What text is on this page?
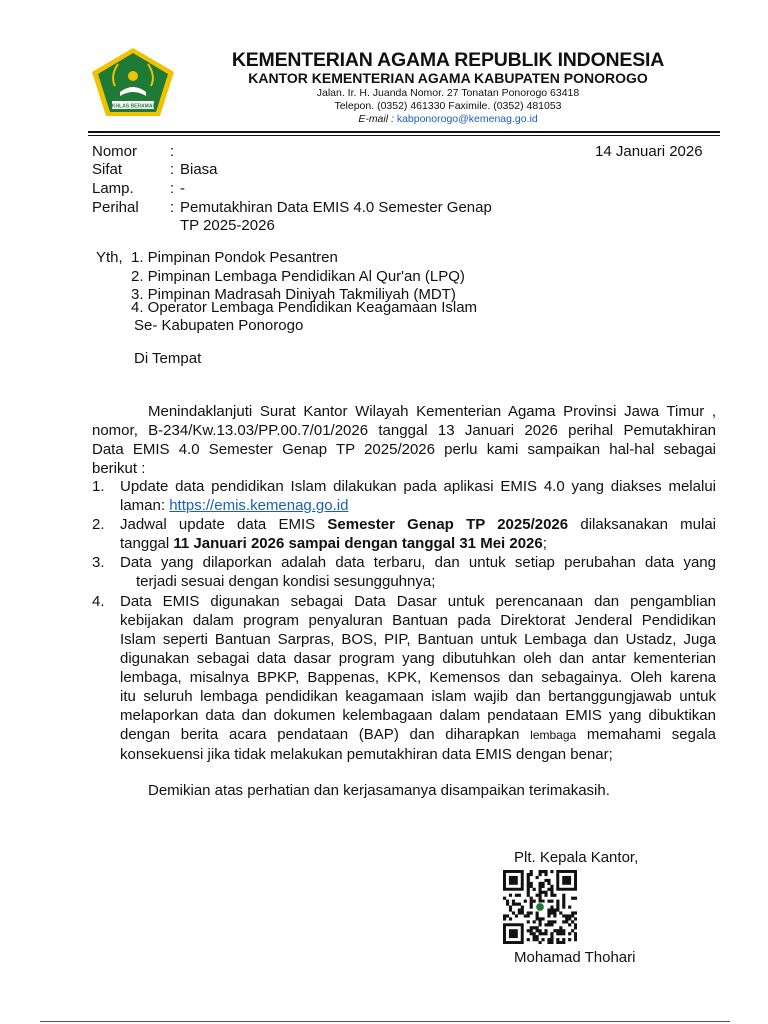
IKHLAS BERAMAL
KEMENTERIAN AGAMA REPUBLIK INDONESIA
KANTOR KEMENTERIAN AGAMA KABUPATEN PONOROGO
Jalan. Ir. H. Juanda Nomor. 27 Tonatan Ponorogo 63418
Telepon. (0352) 461330 Faximile. (0352) 481053
E-mail : kabponorogo@kemenag.go.id
Nomor	:	14 Januari 2026
Sifat	: Biasa
Lamp.	: -
Perihal	: Pemutakhiran Data EMIS 4.0 Semester Genap
TP 2025-2026
Yth, 1. Pimpinan Pondok Pesantren
2. Pimpinan Lembaga Pendidikan Al Qur'an (LPQ)
3. Pimpinan Madrasah Diniyah Takmiliyah (MDT)
4. Operator Lembaga Pendidikan Keagamaan Islam
Se- Kabupaten Ponorogo
Di Tempat
Menindaklanjuti Surat Kantor Wilayah Kementerian Agama Provinsi Jawa Timur ,
nomor, B-234/Kw.13.03/PP.00.7/01/2026 tanggal 13 Januari 2026 perihal Pemutakhiran
Data EMIS 4.0 Semester Genap TP 2025/2026 perlu kami sampaikan hal-hal sebagai
berikut :
1. Update data pendidikan Islam dilakukan pada aplikasi EMIS 4.0 yang diakses melalui
laman: https://emis.kemenag.go.id
2. Jadwal update data EMIS Semester Genap TP 2025/2026 dilaksanakan mulai
tanggal 11 Januari 2026 sampai dengan tanggal 31 Mei 2026;
3. Data yang dilaporkan adalah data terbaru, dan untuk setiap perubahan data yang
terjadi sesuai dengan kondisi sesungguhnya;
4. Data EMIS digunakan sebagai Data Dasar untuk perencanaan dan pengamblian
kebijakan dalam program penyaluran Bantuan pada Direktorat Jenderal Pendidikan
Islam seperti Bantuan Sarpras, BOS, PIP, Bantuan untuk Lembaga dan Ustadz, Juga
digunakan sebagai data dasar program yang dibutuhkan oleh dan antar kementerian
lembaga, misalnya BPKP, Bappenas, KPK, Kemensos dan sebagainya. Oleh karena
itu seluruh lembaga pendidikan keagamaan islam wajib dan bertanggungjawab untuk
melaporkan data dan dokumen kelembagaan dalam pendataan EMIS yang dibuktikan
dengan berita acara pendataan (BAP) dan diharapkan lembaga memahami segala
konsekuensi jika tidak melakukan pemutakhiran data EMIS dengan benar;
Demikian atas perhatian dan kerjasamanya disampaikan terimakasih.
Plt. Kepala Kantor,
Mohamad Thohari
